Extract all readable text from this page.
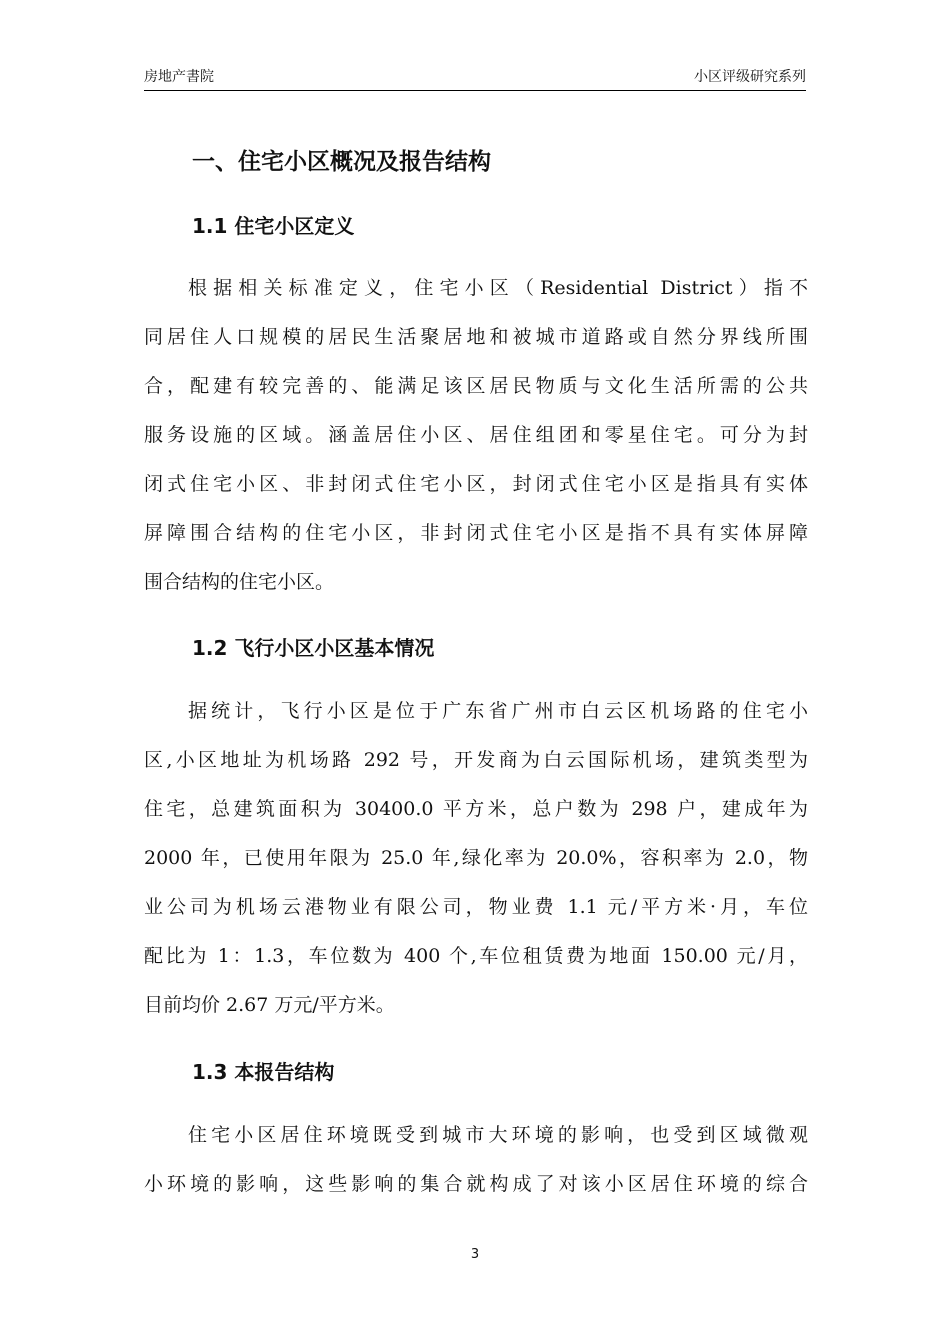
房地产書院	小区评级研究系列
一、住宅小区概况及报告结构
1.1 住宅小区定义
根据相关标准定义，住宅小区（Residential District）指不
同居住人口规模的居民生活聚居地和被城市道路或自然分界线所围
合，配建有较完善的、能满足该区居民物质与文化生活所需的公共
服务设施的区域。涵盖居住小区、居住组团和零星住宅。可分为封
闭式住宅小区、非封闭式住宅小区，封闭式住宅小区是指具有实体
屏障围合结构的住宅小区，非封闭式住宅小区是指不具有实体屏障
围合结构的住宅小区。
1.2 飞行小区小区基本情况
据统计，飞行小区是位于广东省广州市白云区机场路的住宅小
区,小区地址为机场路 292 号，开发商为白云国际机场，建筑类型为
住宅，总建筑面积为 30400.0 平方米，总户数为 298 户，建成年为
2000 年，已使用年限为 25.0 年,绿化率为 20.0%，容积率为 2.0，物
业公司为机场云港物业有限公司，物业费 1.1 元/平方米·月，车位
配比为 1：1.3，车位数为 400 个,车位租赁费为地面 150.00 元/月，
目前均价 2.67 万元/平方米。
1.3 本报告结构
住宅小区居住环境既受到城市大环境的影响，也受到区域微观
小环境的影响，这些影响的集合就构成了对该小区居住环境的综合
3
